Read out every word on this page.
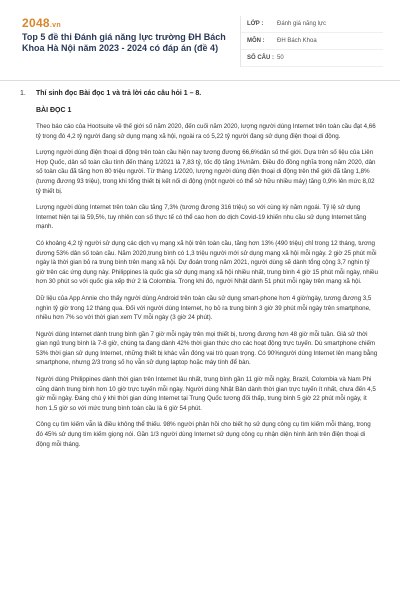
2048.vn
Top 5 đề thi Đánh giá năng lực trường ĐH Bách Khoa Hà Nội năm 2023 - 2024 có đáp án (đề 4)
LỚP :	Đánh giá năng lực
MÔN :	ĐH Bách Khoa
SỐ CÂU : 50
1. Thí sinh đọc Bài đọc 1 và trả lời các câu hỏi 1 – 8.
BÀI ĐỌC 1

Theo báo cáo của Hootsuite về thế giới số năm 2020, đến cuối năm 2020, lượng người dùng Internet trên toàn cầu đạt 4,66 tỷ trong đó 4,2 tỷ người đang sử dụng mạng xã hội, ngoài ra có 5,22 tỷ người đang sử dụng điện thoại di động.

Lượng người dùng điện thoại di động trên toàn cầu hiện nay tương đương 66,6%dân số thế giới. Dựa trên số liệu của Liên Hợp Quốc, dân số toàn cầu tính đến tháng 1/2021 là 7,83 tỷ, tốc độ tăng 1%/năm. Điều đó đồng nghĩa trong năm 2020, dân số toàn cầu đã tăng hơn 80 triệu người. Từ tháng 1/2020, lượng người dùng điện thoại di động trên thế giới đã tăng 1,8% (tương đương 93 triệu), trong khi tổng thiết bị kết nối di động (một người có thể sở hữu nhiều máy) tăng 0,9% lên mức 8,02 tỷ thiết bị.

Lượng người dùng Internet trên toàn cầu tăng 7,3% (tương đương 316 triệu) so với cùng kỳ năm ngoái. Tỷ lệ sử dụng Internet hiện tại là 59,5%, tuy nhiên con số thực tế có thể cao hơn do dịch Covid-19 khiến nhu cầu sử dụng Internet tăng mạnh.

Có khoảng 4,2 tỷ người sử dụng các dịch vụ mạng xã hội trên toàn cầu, tăng hơn 13% (490 triệu) chỉ trong 12 tháng, tương đương 53% dân số toàn cầu. Năm 2020,trung bình có 1,3 triệu người mới sử dụng mạng xã hội mỗi ngày. 2 giờ 25 phút mỗi ngày là thời gian bỏ ra trung bình trên mạng xã hội. Dự đoán trong năm 2021, người dùng sẽ dành tổng cộng 3,7 nghìn tỷ giờ trên các ứng dụng này. Philippines là quốc gia sử dụng mạng xã hội nhiều nhất, trung bình 4 giờ 15 phút mỗi ngày, nhiều hơn 30 phút so với quốc gia xếp thứ 2 là Colombia. Trong khi đó, người Nhật dành 51 phút mỗi ngày trên mạng xã hội.

Dữ liệu của App Annie cho thấy người dùng Android trên toàn cầu sử dụng smart-phone hơn 4 giờ/ngày, tương đương 3,5 nghìn tỷ giờ trong 12 tháng qua. Đối với người dùng Internet, họ bỏ ra trung bình 3 giờ 39 phút mỗi ngày trên smartphone, nhiều hơn 7% so với thời gian xem TV mỗi ngày (3 giờ 24 phút).

Người dùng Internet dành trung bình gần 7 giờ mỗi ngày trên mọi thiết bị, tương đương hơn 48 giờ mỗi tuần. Giả sử thời gian ngủ trung bình là 7-8 giờ, chúng ta đang dành 42% thời gian thức cho các hoạt động trực tuyến. Dù smartphone chiếm 53% thời gian sử dụng Internet, những thiết bị khác vẫn đóng vai trò quan trọng. Có 90%người dùng Internet lên mạng bằng smartphone, nhưng 2/3 trong số họ vẫn sử dụng laptop hoặc máy tính để bàn.

Người dùng Philippines dành thời gian trên Internet lâu nhất, trung bình gần 11 giờ mỗi ngày, Brazil, Colombia và Nam Phi cũng dành trung bình hơn 10 giờ trực tuyến mỗi ngày. Người dùng Nhật Bản dành thời gian trực tuyến ít nhất, chưa đến 4,5 giờ mỗi ngày. Đáng chú ý khi thời gian dùng Internet tại Trung Quốc tương đối thấp, trung bình 5 giờ 22 phút mỗi ngày, ít hơn 1,5 giờ so với mức trung bình toàn cầu là 6 giờ 54 phút.

Công cụ tìm kiếm vẫn là điều không thể thiếu. 98% người phản hồi cho biết họ sử dụng công cụ tìm kiếm mỗi tháng, trong đó 45% sử dụng tìm kiếm giọng nói. Gần 1/3 người dùng Internet sử dụng công cụ nhận diện hình ảnh trên điện thoại di động mỗi tháng.
